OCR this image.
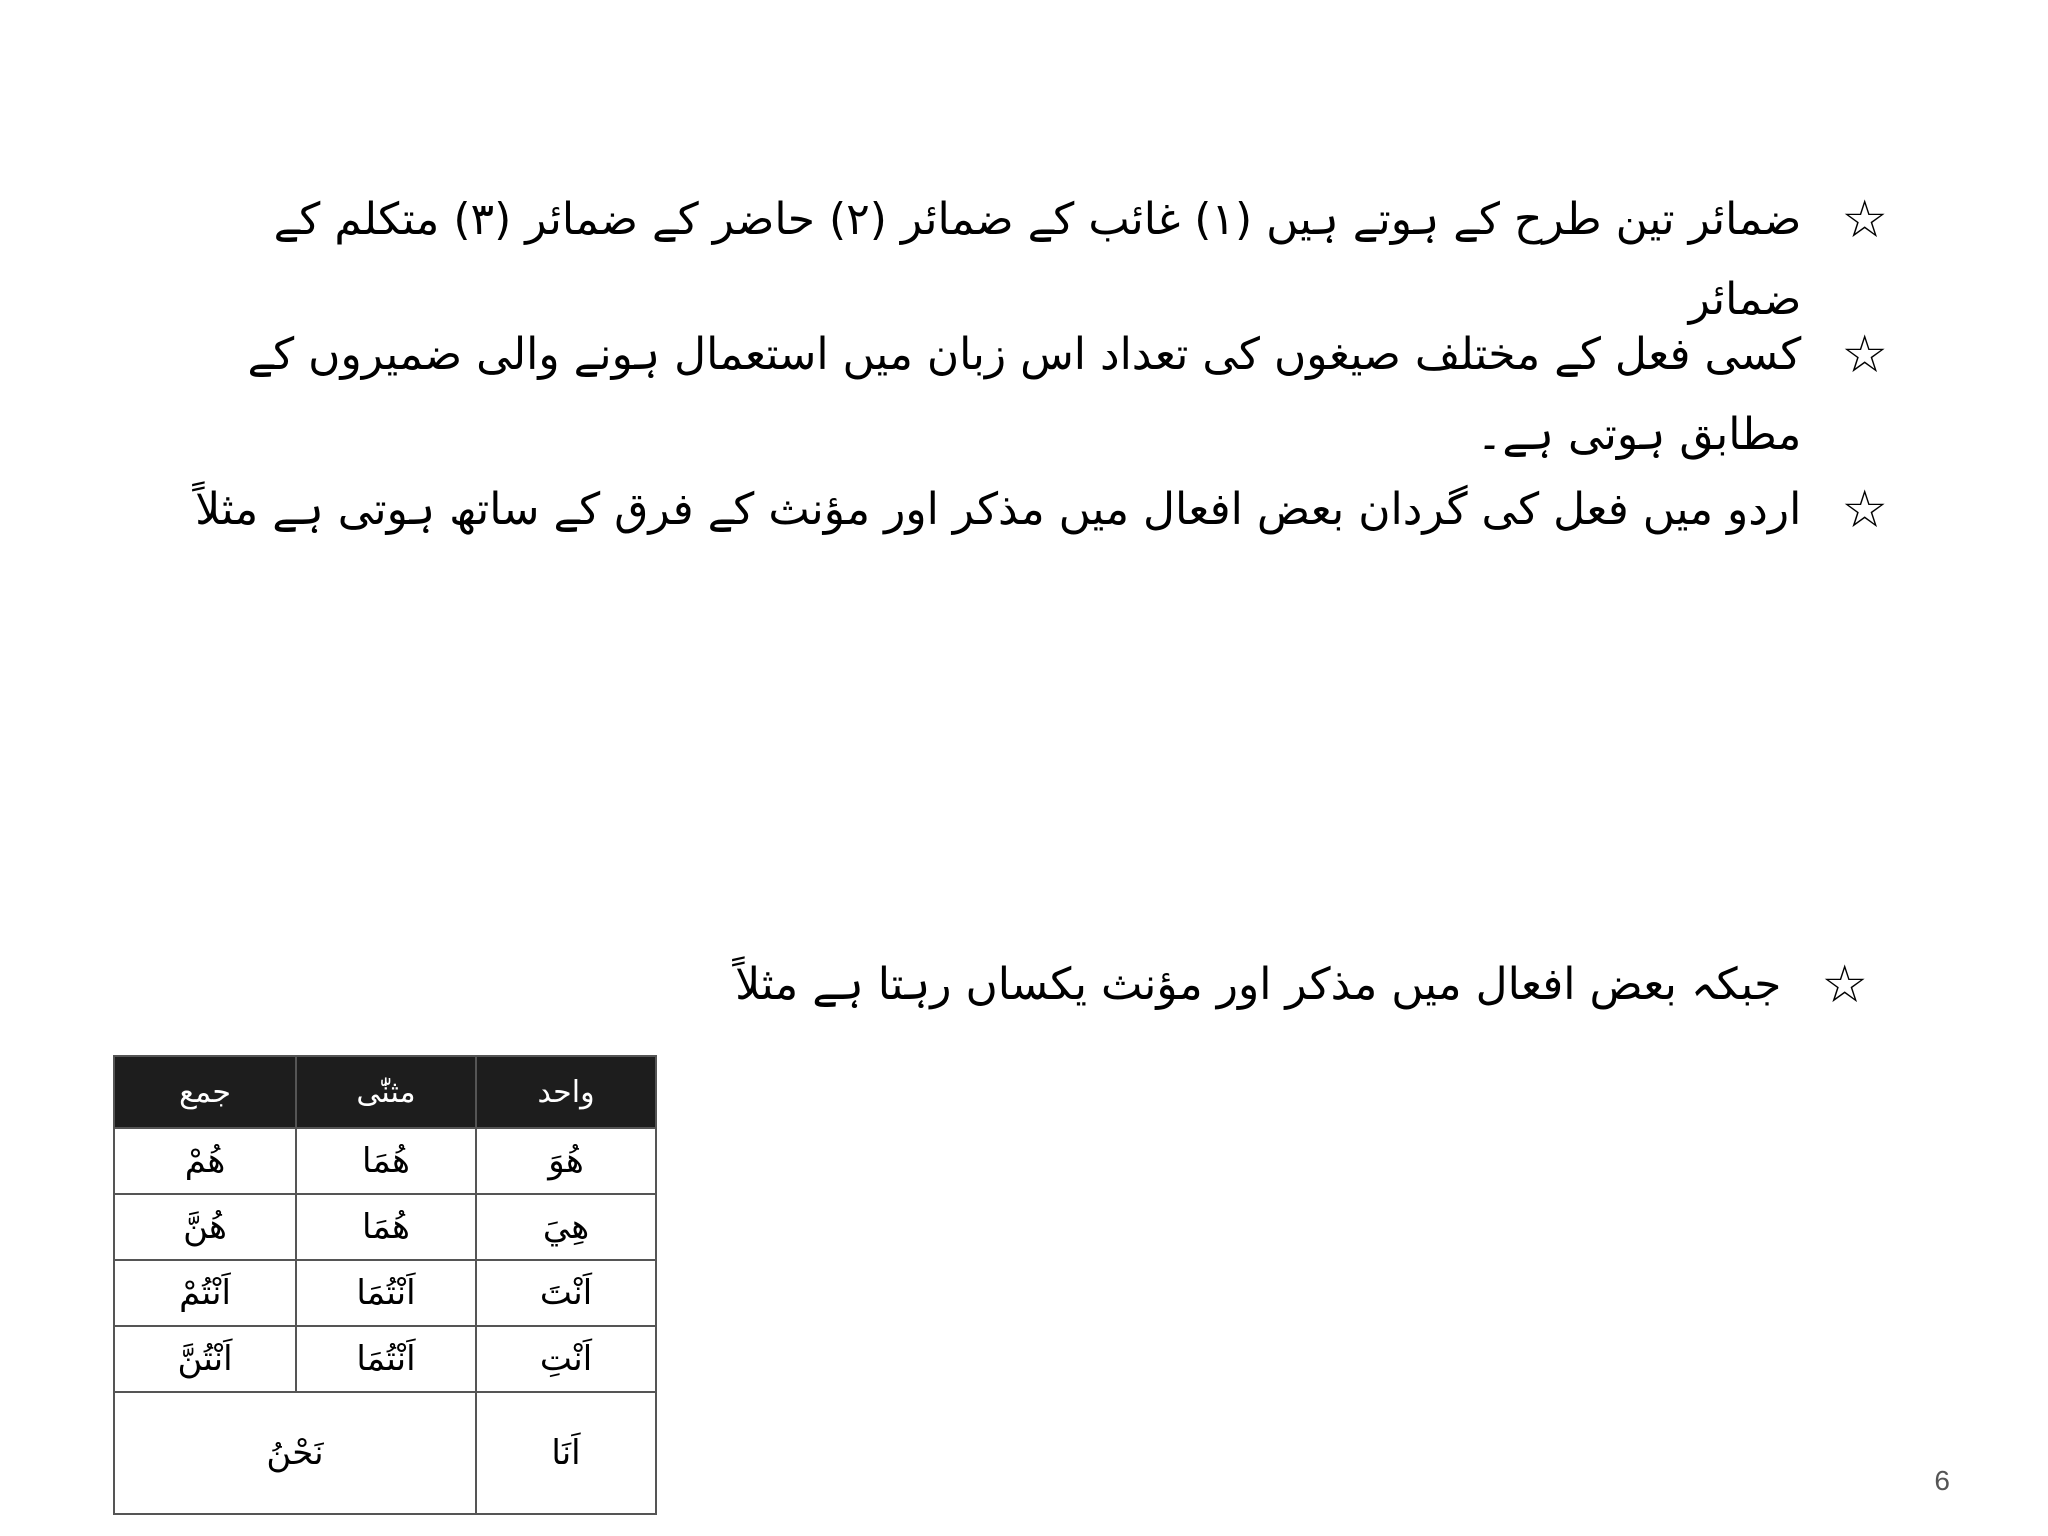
☆
ضمائر تین طرح کے ہوتے ہیں (۱) غائب کے ضمائر (۲) حاضر کے ضمائر (۳) متکلم کے ضمائر
☆
کسی فعل کے مختلف صیغوں کی تعداد اس زبان میں استعمال ہونے والی ضمیروں کے مطابق ہوتی ہے۔
☆
اردو میں فعل کی گردان بعض افعال میں مذکر اور مؤنث کے فرق کے ساتھ ہوتی ہے مثلاً
☆
جبکہ بعض افعال میں مذکر اور مؤنث یکساں رہتا ہے مثلاً
واحد	مثنّٰی	جمع
هُوَ	هُمَا	هُمْ
هِيَ	هُمَا	هُنَّ
اَنْتَ	اَنْتُمَا	اَنْتُمْ
اَنْتِ	اَنْتُمَا	اَنْتُنَّ
اَنَا	نَحْنُ	
6
